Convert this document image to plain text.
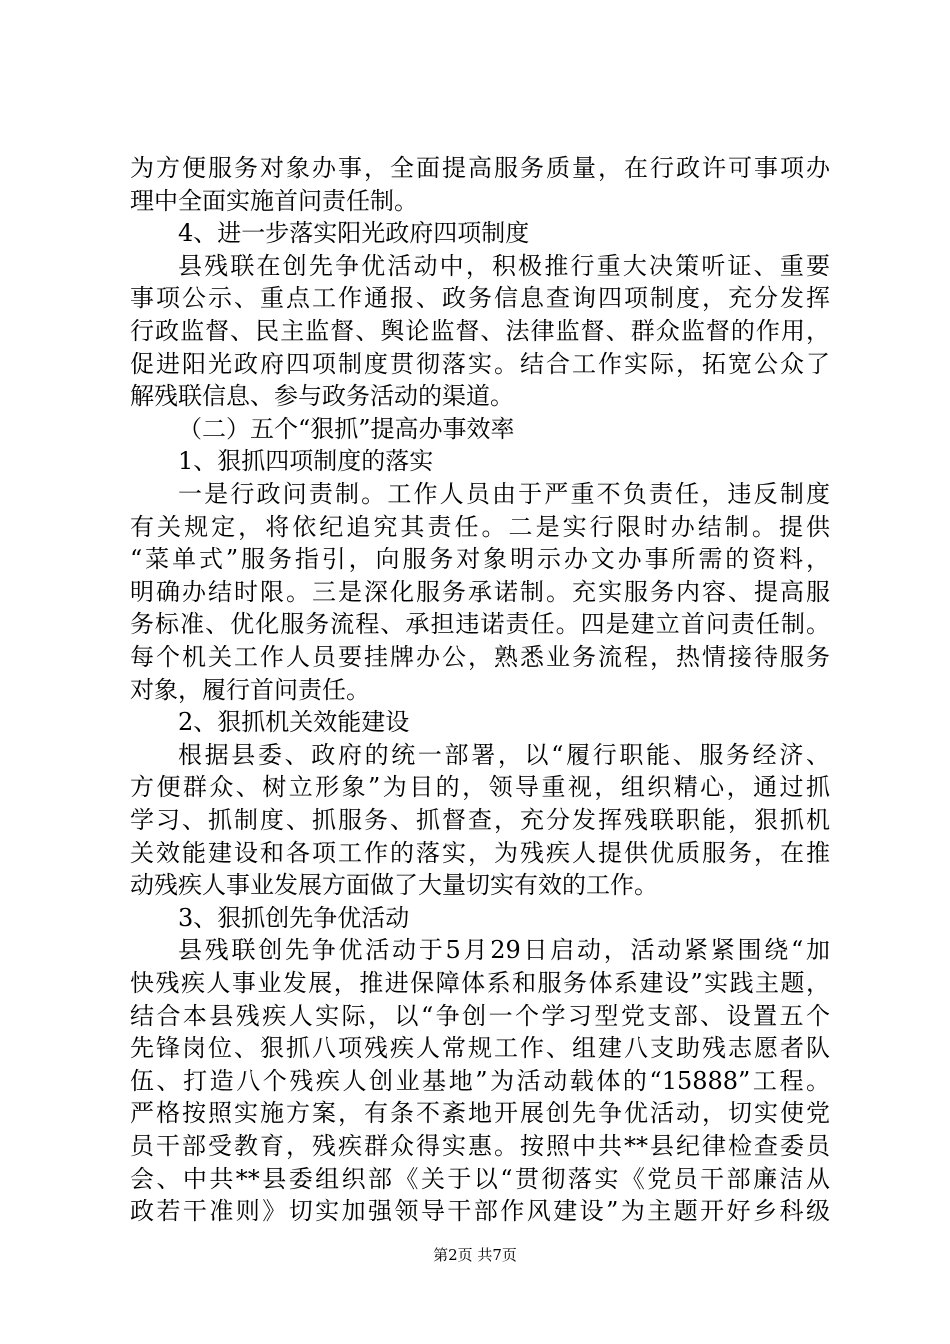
为方便服务对象办事，全面提高服务质量，在行政许可事项办
理中全面实施首问责任制。
4、进一步落实阳光政府四项制度
县残联在创先争优活动中，积极推行重大决策听证、重要
事项公示、重点工作通报、政务信息查询四项制度，充分发挥
行政监督、民主监督、舆论监督、法律监督、群众监督的作用，
促进阳光政府四项制度贯彻落实。结合工作实际，拓宽公众了
解残联信息、参与政务活动的渠道。
（二）五个“狠抓”提高办事效率
1、狠抓四项制度的落实
一是行政问责制。工作人员由于严重不负责任，违反制度
有关规定，将依纪追究其责任。二是实行限时办结制。提供
“菜单式”服务指引，向服务对象明示办文办事所需的资料，
明确办结时限。三是深化服务承诺制。充实服务内容、提高服
务标准、优化服务流程、承担违诺责任。四是建立首问责任制。
每个机关工作人员要挂牌办公，熟悉业务流程，热情接待服务
对象，履行首问责任。
2、狠抓机关效能建设
根据县委、政府的统一部署，以“履行职能、服务经济、
方便群众、树立形象”为目的，领导重视，组织精心，通过抓
学习、抓制度、抓服务、抓督查，充分发挥残联职能，狠抓机
关效能建设和各项工作的落实，为残疾人提供优质服务，在推
动残疾人事业发展方面做了大量切实有效的工作。
3、狠抓创先争优活动
县残联创先争优活动于5月29日启动，活动紧紧围绕“加
快残疾人事业发展，推进保障体系和服务体系建设”实践主题，
结合本县残疾人实际，以“争创一个学习型党支部、设置五个
先锋岗位、狠抓八项残疾人常规工作、组建八支助残志愿者队
伍、打造八个残疾人创业基地”为活动载体的“15888”工程。
严格按照实施方案，有条不紊地开展创先争优活动，切实使党
员干部受教育，残疾群众得实惠。按照中共**县纪律检查委员
会、中共**县委组织部《关于以“贯彻落实《党员干部廉洁从
政若干准则》切实加强领导干部作风建设”为主题开好乡科级
第2页 共7页
